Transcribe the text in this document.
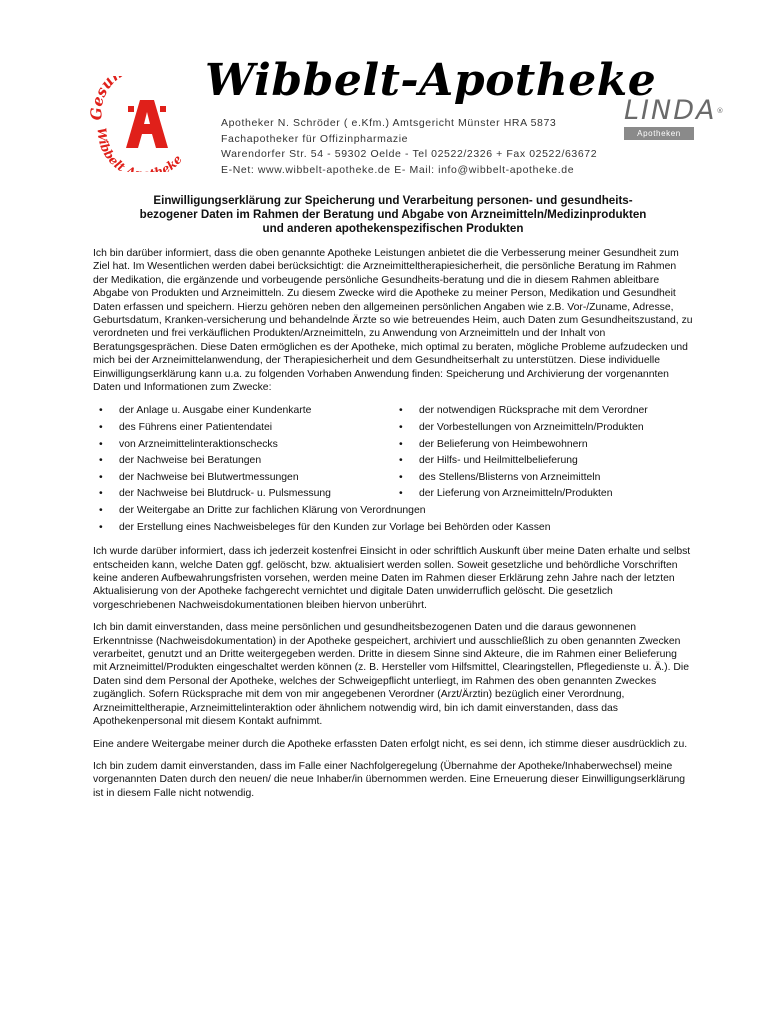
Gesu
Wibbelt A heke
Wibbelt-Apotheke
Apotheker N. Schröder ( e.Kfm.) Amtsgericht Münster HRA 5873
Fachapotheker für Offizinpharmazie
Warendorfer Str. 54 - 59302 Oelde - Tel 02522/2326 + Fax 02522/63672
E-Net: www.wibbelt-apotheke.de E- Mail: info@wibbelt-apotheke.de
LINDA®
Apotheken
Einwilligungserklärung zur Speicherung und Verarbeitung personen- und gesundheits-
bezogener Daten im Rahmen der Beratung und Abgabe von Arzneimitteln/Medizinprodukten
und anderen apothekenspezifischen Produkten

Ich bin darüber informiert, dass die oben genannte Apotheke Leistungen anbietet die die Verbesserung meiner Gesundheit zum Ziel hat. Im Wesentlichen werden dabei berücksichtigt: die Arzneimitteltherapiesicherheit, die persönliche Beratung im Rahmen der Medikation, die ergänzende und vorbeugende persönliche Gesundheits-beratung und die in diesem Rahmen ableitbare Abgabe von Produkten und Arzneimitteln. Zu diesem Zwecke wird die Apotheke zu meiner Person, Medikation und Gesundheit Daten erfassen und speichern. Hierzu gehören neben den allgemeinen persönlichen Angaben wie z.B. Vor-/Zuname, Adresse, Geburtsdatum, Kranken-versicherung und behandelnde Ärzte so wie betreuendes Heim, auch Daten zum Gesundheitszustand, zu verordneten und frei verkäuflichen Produkten/Arzneimitteln, zu Anwendung von Arzneimitteln und der Inhalt von Beratungsgesprächen. Diese Daten ermöglichen es der Apotheke, mich optimal zu beraten, mögliche Probleme aufzudecken und mich bei der Arzneimittelanwendung, der Therapiesicherheit und dem Gesundheitserhalt zu unterstützen. Diese individuelle Einwilligungserklärung kann u.a. zu folgenden Vorhaben Anwendung finden: Speicherung und Archivierung der vorgenannten Daten und Informationen zum Zwecke:

• der Anlage u. Ausgabe einer Kundenkarte
• des Führens einer Patientendatei
• von Arzneimittelinteraktionschecks
• der Nachweise bei Beratungen
• der Nachweise bei Blutwertmessungen
• der Nachweise bei Blutdruck- u. Pulsmessung
• der notwendigen Rücksprache mit dem Verordner
• der Vorbestellungen von Arzneimitteln/Produkten
• der Belieferung von Heimbewohnern
• der Hilfs- und Heilmittelbelieferung
• des Stellens/Blisterns von Arzneimitteln
• der Lieferung von Arzneimitteln/Produkten
• der Weitergabe an Dritte zur fachlichen Klärung von Verordnungen
• der Erstellung eines Nachweisbeleges für den Kunden zur Vorlage bei Behörden oder Kassen

Ich wurde darüber informiert, dass ich jederzeit kostenfrei Einsicht in oder schriftlich Auskunft über meine Daten erhalte und selbst entscheiden kann, welche Daten ggf. gelöscht, bzw. aktualisiert werden sollen. Soweit gesetzliche und behördliche Vorschriften keine anderen Aufbewahrungsfristen vorsehen, werden meine Daten im Rahmen dieser Erklärung zehn Jahre nach der letzten Aktualisierung von der Apotheke fachgerecht vernichtet und digitale Daten unwiderruflich gelöscht. Die gesetzlich vorgeschriebenen Nachweisdokumentationen bleiben hiervon unberührt.

Ich bin damit einverstanden, dass meine persönlichen und gesundheitsbezogenen Daten und die daraus gewonnenen Erkenntnisse (Nachweisdokumentation) in der Apotheke gespeichert, archiviert und ausschließlich zu oben genannten Zwecken verarbeitet, genutzt und an Dritte weitergegeben werden. Dritte in diesem Sinne sind Akteure, die im Rahmen einer Belieferung mit Arzneimittel/Produkten eingeschaltet werden können (z. B. Hersteller vom Hilfsmittel, Clearingstellen, Pflegedienste u. Ä.). Die Daten sind dem Personal der Apotheke, welches der Schweigepflicht unterliegt, im Rahmen des oben genannten Zweckes zugänglich. Sofern Rücksprache mit dem von mir angegebenen Verordner (Arzt/Ärztin) bezüglich einer Verordnung, Arzneimitteltherapie, Arzneimittelinteraktion oder ähnlichem notwendig wird, bin ich damit einverstanden, dass das Apothekenpersonal mit diesem Kontakt aufnimmt.

Eine andere Weitergabe meiner durch die Apotheke erfassten Daten erfolgt nicht, es sei denn, ich stimme dieser ausdrücklich zu.

Ich bin zudem damit einverstanden, dass im Falle einer Nachfolgeregelung (Übernahme der Apotheke/Inhaberwechsel) meine vorgenannten Daten durch den neuen/ die neue Inhaber/in übernommen werden. Eine Erneuerung dieser Einwilligungserklärung ist in diesem Falle nicht notwendig.
